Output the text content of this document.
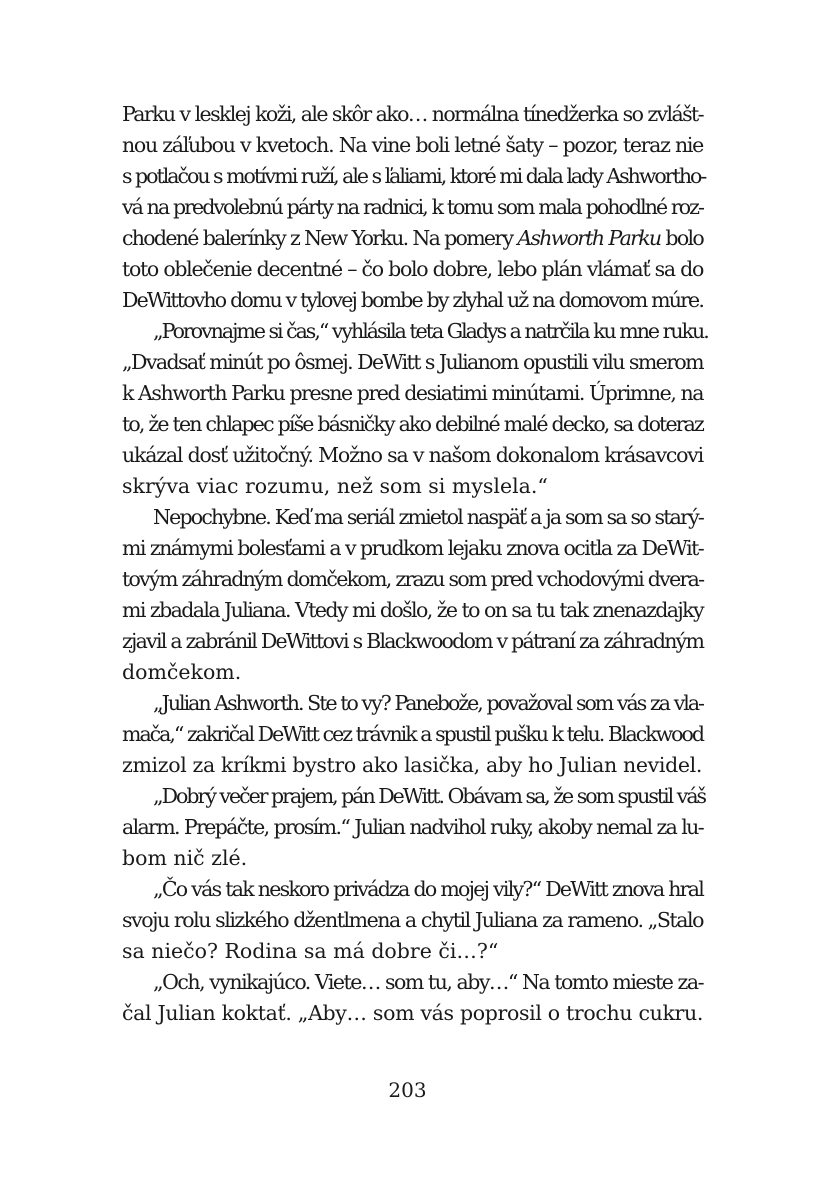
Parku v lesklej koži, ale skôr ako… normálna tínedžerka so zvlášt-
nou záľubou v kvetoch. Na vine boli letné šaty – pozor, teraz nie
s potlačou s motívmi ruží, ale s ľaliami, ktoré mi dala lady Ashworthо-
vá na predvolebnú párty na radnici, k tomu som mala pohodlné roz-
chodené balerínky z New Yorku. Na pomery Ashworth Parku bolo
toto oblečenie decentné – čo bolo dobre, lebo plán vlámať sa do
DeWittovho domu v tylovej bombe by zlyhal už na domovom múre.
„Porovnajme si čas,“ vyhlásila teta Gladys a natrčila ku mne ruku.
„Dvadsať minút po ôsmej. DeWitt s Julianom opustili vilu smerom
k Ashworth Parku presne pred desiatimi minútami. Úprimne, na
to, že ten chlapec píše básničky ako debilné malé decko, sa doteraz
ukázal dosť užitočný. Možno sa v našom dokonalom krásavcovi
skrýva viac rozumu, než som si myslela.“
Nepochybne. Keď ma seriál zmietol naspäť a ja som sa so starý-
mi známymi bolesťami a v prudkom lejaku znova ocitla za DeWit-
tovým záhradným domčekom, zrazu som pred vchodovými dvera-
mi zbadala Juliana. Vtedy mi došlo, že to on sa tu tak znenazdajky
zjavil a zabránil DeWittovi s Blackwoodom v pátraní za záhradným
domčekom.
„Julian Ashworth. Ste to vy? Panebože, považoval som vás za vla-
mača,“ zakričal DeWitt cez trávnik a spustil pušku k telu. Blackwood
zmizol za kríkmi bystro ako lasička, aby ho Julian nevidel.
„Dobrý večer prajem, pán DeWitt. Obávam sa, že som spustil váš
alarm. Prepáčte, prosím.“ Julian nadvihol ruky, akoby nemal za lu-
bom nič zlé.
„Čo vás tak neskoro privádza do mojej vily?“ DeWitt znova hral
svoju rolu slizkého džentlmena a chytil Juliana za rameno. „Stalo
sa niečo? Rodina sa má dobre či…?“
„Och, vynikajúco. Viete… som tu, aby…“ Na tomto mieste za-
čal Julian koktať. „Aby… som vás poprosil o trochu cukru.
203
